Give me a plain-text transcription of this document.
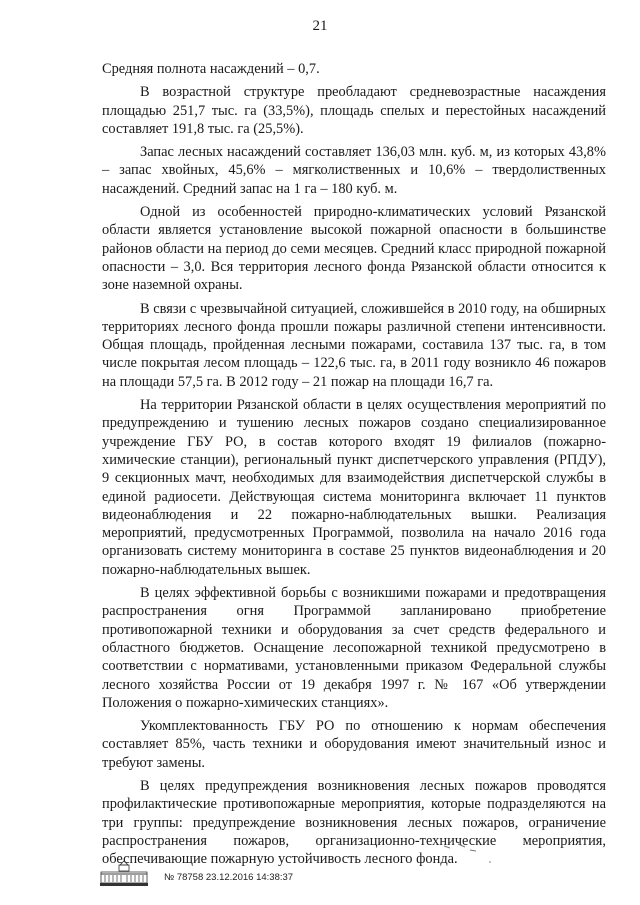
21

Средняя полнота насаждений – 0,7.

В возрастной структуре преобладают средневозрастные насаждения площадью 251,7 тыс. га (33,5%), площадь спелых и перестойных насаждений составляет 191,8 тыс. га (25,5%).

Запас лесных насаждений составляет 136,03 млн. куб. м, из которых 43,8% – запас хвойных, 45,6% – мягколиственных и 10,6% – твердолиственных насаждений. Средний запас на 1 га – 180 куб. м.

Одной из особенностей природно-климатических условий Рязанской области является установление высокой пожарной опасности в большинстве районов области на период до семи месяцев. Средний класс природной пожарной опасности – 3,0. Вся территория лесного фонда Рязанской области относится к зоне наземной охраны.

В связи с чрезвычайной ситуацией, сложившейся в 2010 году, на обширных территориях лесного фонда прошли пожары различной степени интенсивности. Общая площадь, пройденная лесными пожарами, составила 137 тыс. га, в том числе покрытая лесом площадь – 122,6 тыс. га, в 2011 году возникло 46 пожаров на площади 57,5 га. В 2012 году – 21 пожар на площади 16,7 га.

На территории Рязанской области в целях осуществления мероприятий по предупреждению и тушению лесных пожаров создано специализированное учреждение ГБУ РО, в состав которого входят 19 филиалов (пожарно-химические станции), региональный пункт диспетчерского управления (РПДУ), 9 секционных мачт, необходимых для взаимодействия диспетчерской службы в единой радиосети. Действующая система мониторинга включает 11 пунктов видеонаблюдения и 22 пожарно-наблюдательных вышки. Реализация мероприятий, предусмотренных Программой, позволила на начало 2016 года организовать систему мониторинга в составе 25 пунктов видеонаблюдения и 20 пожарно-наблюдательных вышек.

В целях эффективной борьбы с возникшими пожарами и предотвращения распространения огня Программой запланировано приобретение противопожарной техники и оборудования за счет средств федерального и областного бюджетов. Оснащение лесопожарной техникой предусмотрено в соответствии с нормативами, установленными приказом Федеральной службы лесного хозяйства России от 19 декабря 1997 г. № 167 «Об утверждении Положения о пожарно-химических станциях».

Укомплектованность ГБУ РО по отношению к нормам обеспечения составляет 85%, часть техники и оборудования имеют значительный износ и требуют замены.

В целях предупреждения возникновения лесных пожаров проводятся профилактические противопожарные мероприятия, которые подразделяются на три группы: предупреждение возникновения лесных пожаров, ограничение распространения пожаров, организационно-технические мероприятия, обеспечивающие пожарную устойчивость лесного фонда.

№ 78758 23.12.2016 14:38:37
